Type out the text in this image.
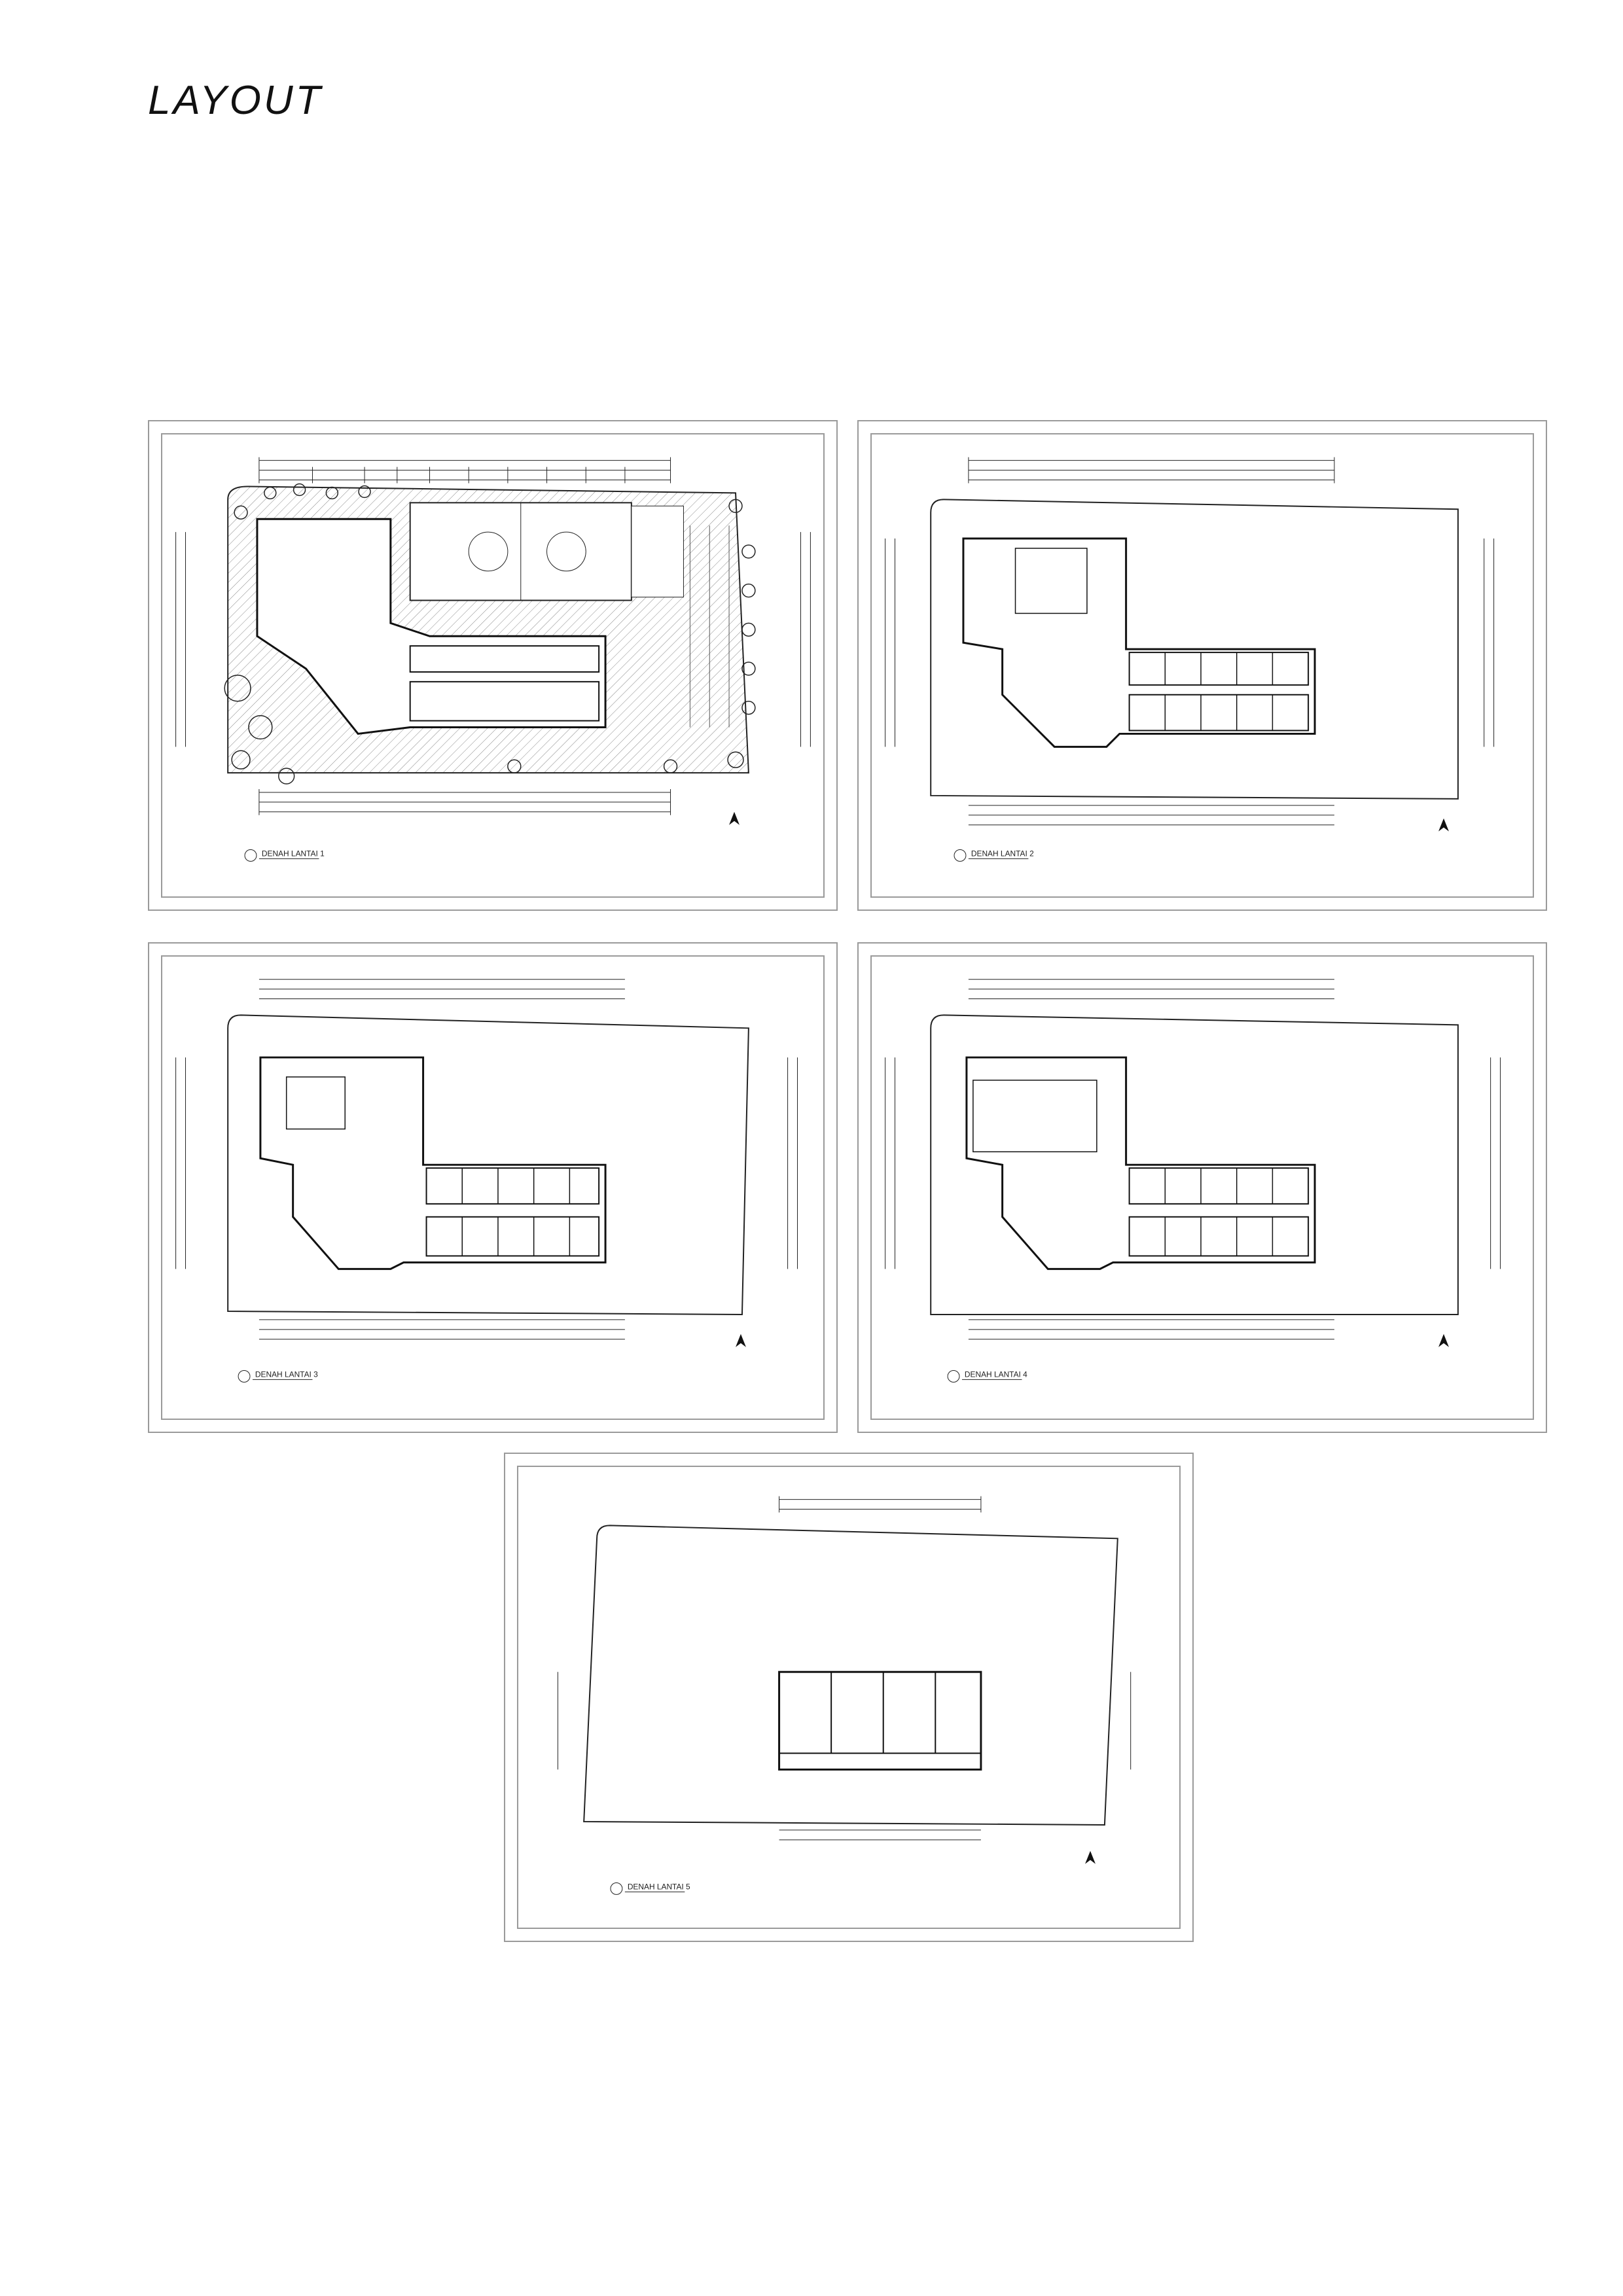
LAYOUT
DENAH LANTAI 1	DENAH LANTAI 2
DENAH LANTAI 3	DENAH LANTAI 4
DENAH LANTAI 5
